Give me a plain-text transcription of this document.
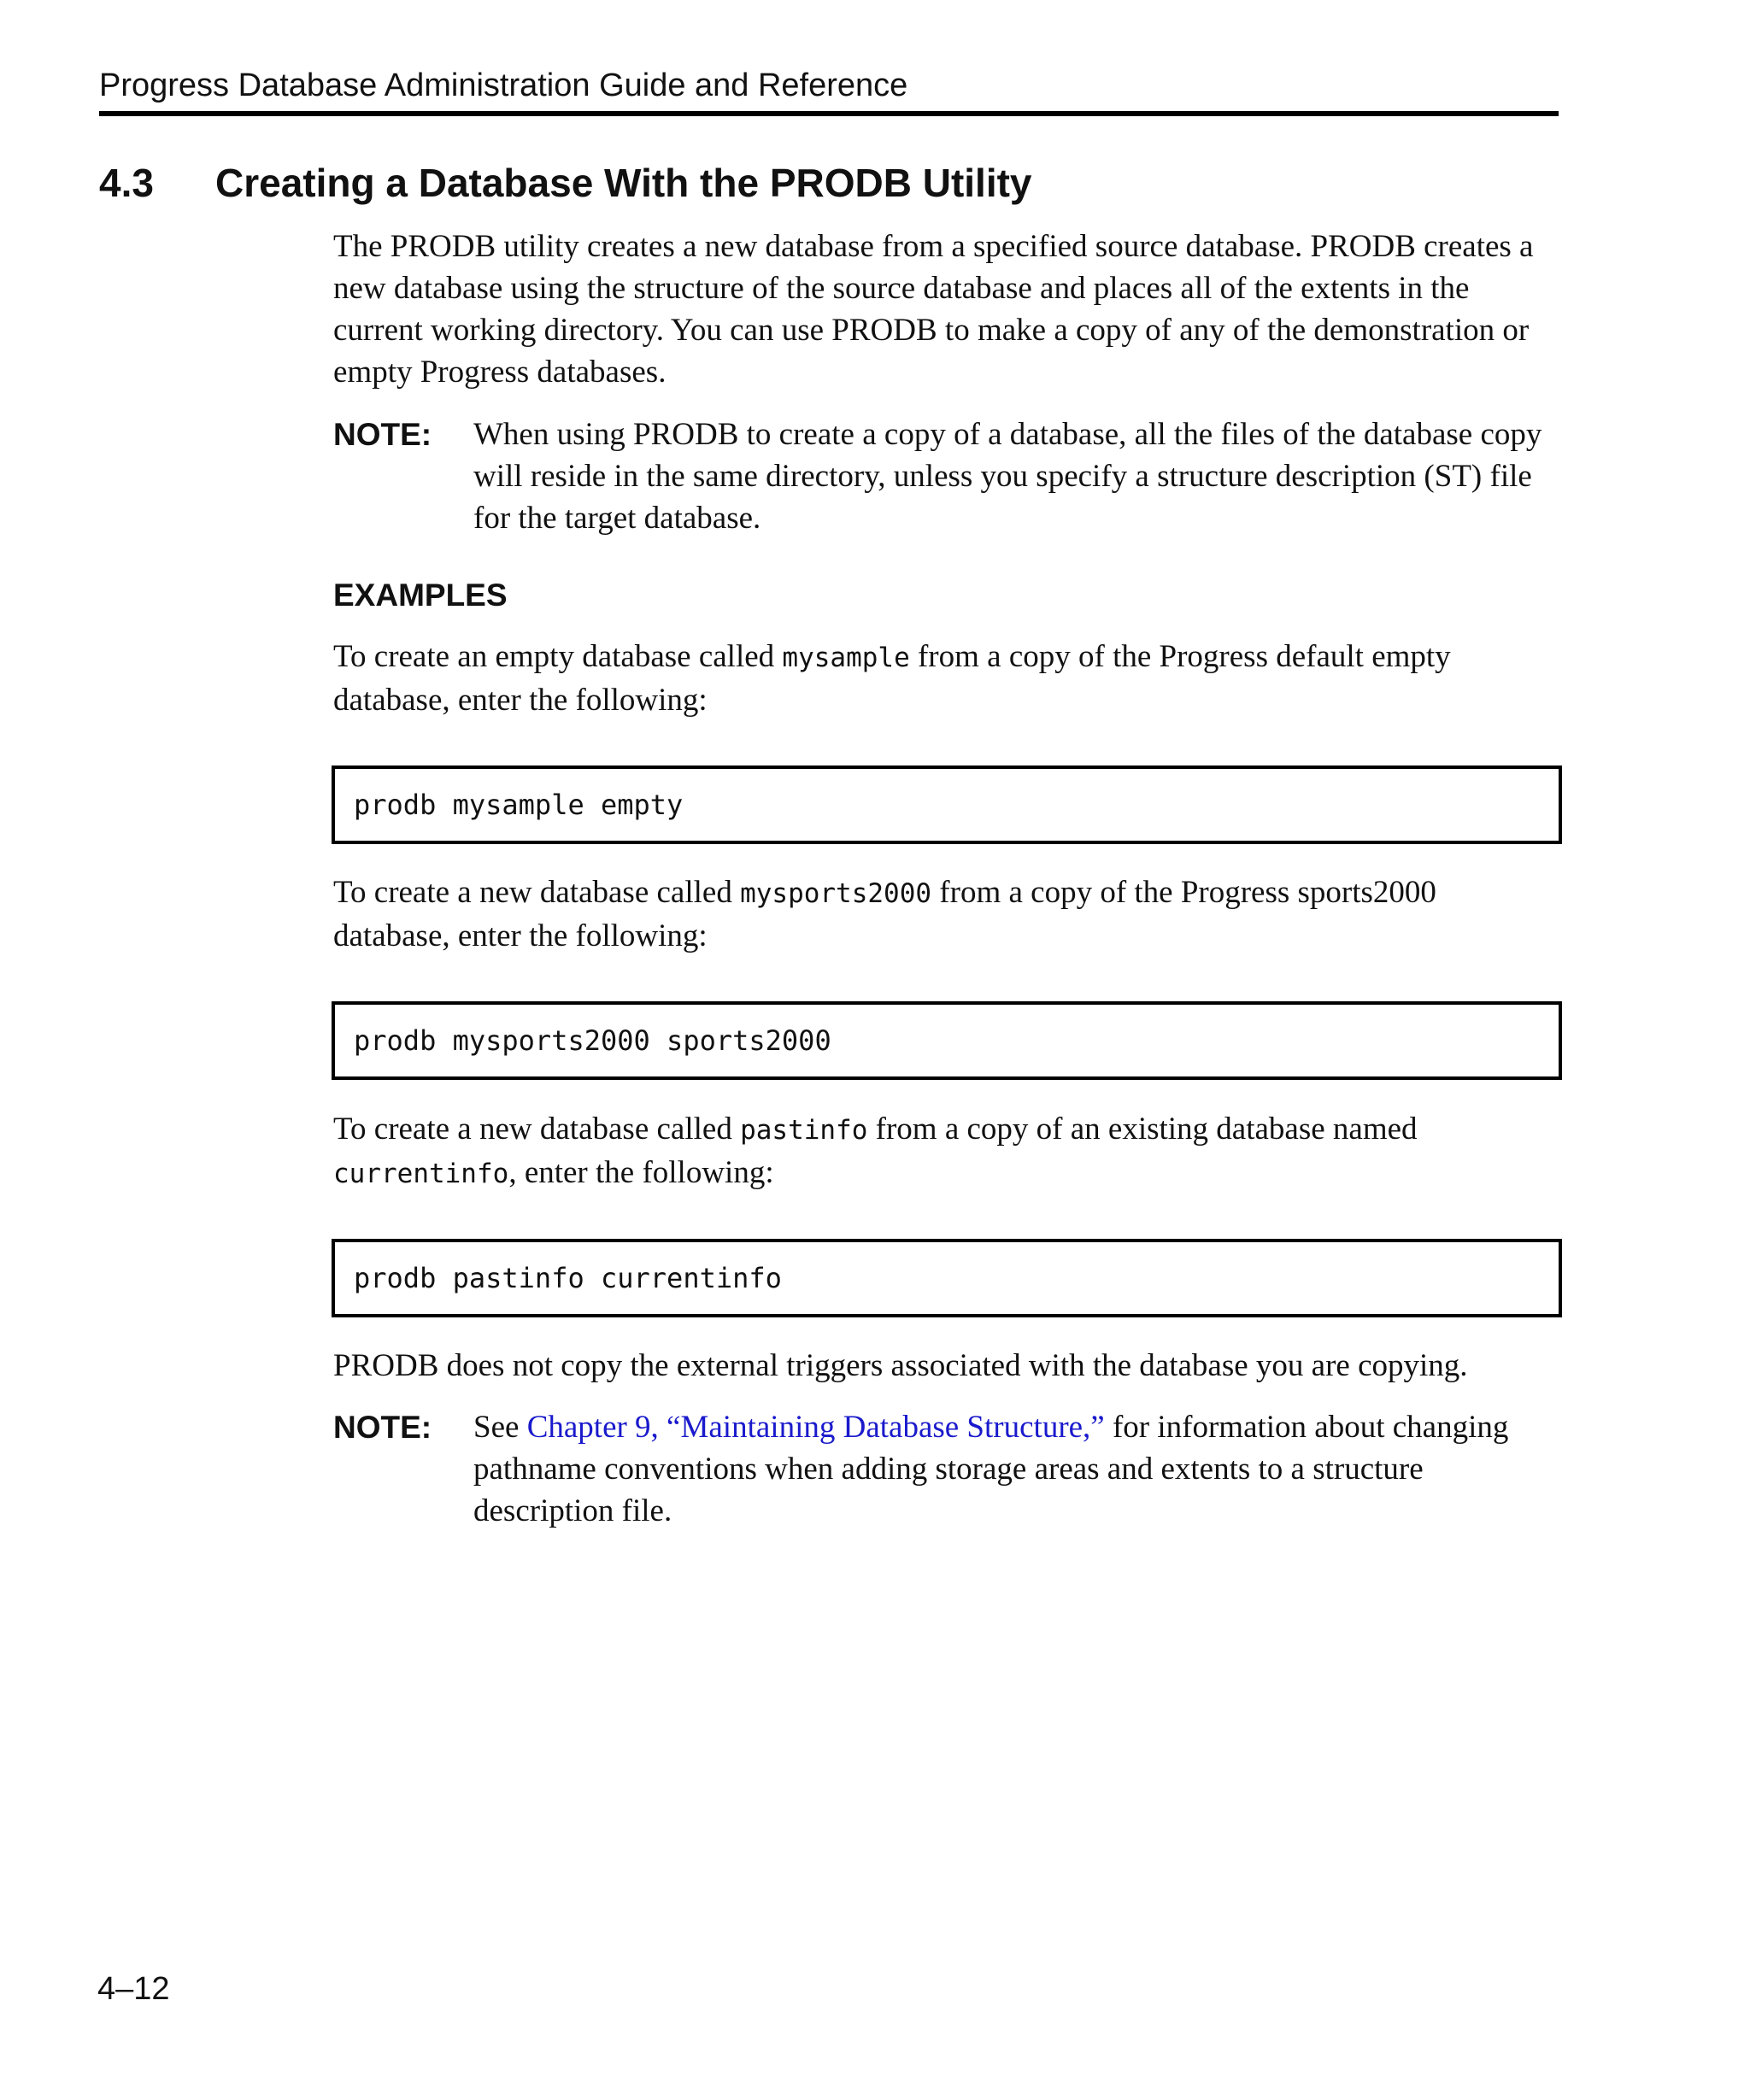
Progress Database Administration Guide and Reference
4.3 Creating a Database With the PRODB Utility

The PRODB utility creates a new database from a specified source database. PRODB creates a new database using the structure of the source database and places all of the extents in the current working directory. You can use PRODB to make a copy of any of the demonstration or empty Progress databases.

NOTE:	When using PRODB to create a copy of a database, all the files of the database copy will reside in the same directory, unless you specify a structure description (ST) file for the target database.
EXAMPLES

To create an empty database called mysample from a copy of the Progress default empty database, enter the following:

prodb mysample empty

To create a new database called mysports2000 from a copy of the Progress sports2000 database, enter the following:

prodb mysports2000 sports2000

To create a new database called pastinfo from a copy of an existing database named
currentinfo, enter the following:

prodb pastinfo currentinfo

PRODB does not copy the external triggers associated with the database you are copying.

NOTE:	See Chapter 9, “Maintaining Database Structure,” for information about changing pathname conventions when adding storage areas and extents to a structure description file.
4–12
